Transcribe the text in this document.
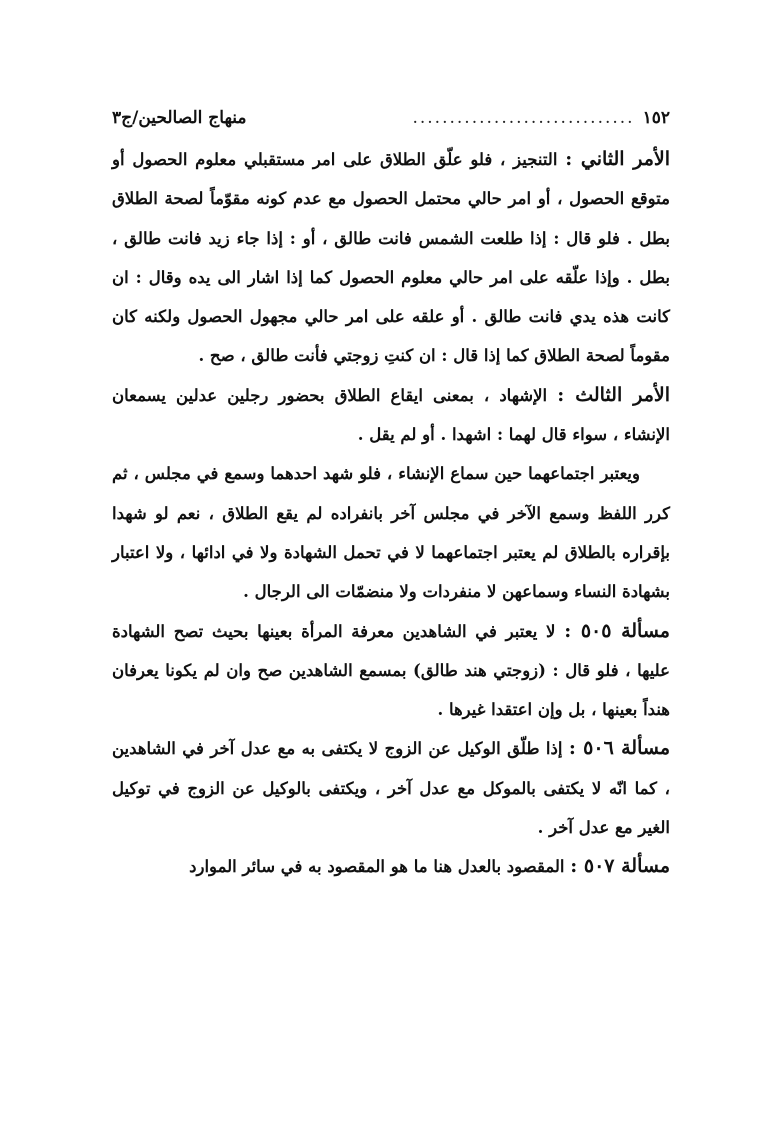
١٥٢
..............................
منهاج الصالحين/ج٣

الأمر الثاني : التنجيز ، فلو علّق الطلاق على امر مستقبلي معلوم الحصول أو متوقع الحصول ، أو امر حالي محتمل الحصول مع عدم كونه مقوّماً لصحة الطلاق بطل . فلو قال : إذا طلعت الشمس فانت طالق ، أو : إذا جاء زيد فانت طالق ، بطل . وإذا علّقه على امر حالي معلوم الحصول كما إذا اشار الى يده وقال : ان كانت هذه يدي فانت طالق . أو علقه على امر حالي مجهول الحصول ولكنه كان مقوماً لصحة الطلاق كما إذا قال : ان كنتِ زوجتي فأنت طالق ، صح .

الأمر الثالث : الإشهاد ، بمعنى ايقاع الطلاق بحضور رجلين عدلين يسمعان الإنشاء ، سواء قال لهما : اشهدا . أو لم يقل .

ويعتبر اجتماعهما حين سماع الإنشاء ، فلو شهد احدهما وسمع في مجلس ، ثم كرر اللفظ وسمع الآخر في مجلس آخر بانفراده لم يقع الطلاق ، نعم لو شهدا بإقراره بالطلاق لم يعتبر اجتماعهما لا في تحمل الشهادة ولا في ادائها ، ولا اعتبار بشهادة النساء وسماعهن لا منفردات ولا منضمّات الى الرجال .

مسألة ٥٠٥ : لا يعتبر في الشاهدين معرفة المرأة بعينها بحيث تصح الشهادة عليها ، فلو قال : (زوجتي هند طالق) بمسمع الشاهدين صح وان لم يكونا يعرفان هنداً بعينها ، بل وإن اعتقدا غيرها .

مسألة ٥٠٦ : إذا طلّق الوكيل عن الزوج لا يكتفى به مع عدل آخر في الشاهدين ، كما انّه لا يكتفى بالموكل مع عدل آخر ، ويكتفى بالوكيل عن الزوج في توكيل الغير مع عدل آخر .

مسألة ٥٠٧ : المقصود بالعدل هنا ما هو المقصود به في سائر الموارد
